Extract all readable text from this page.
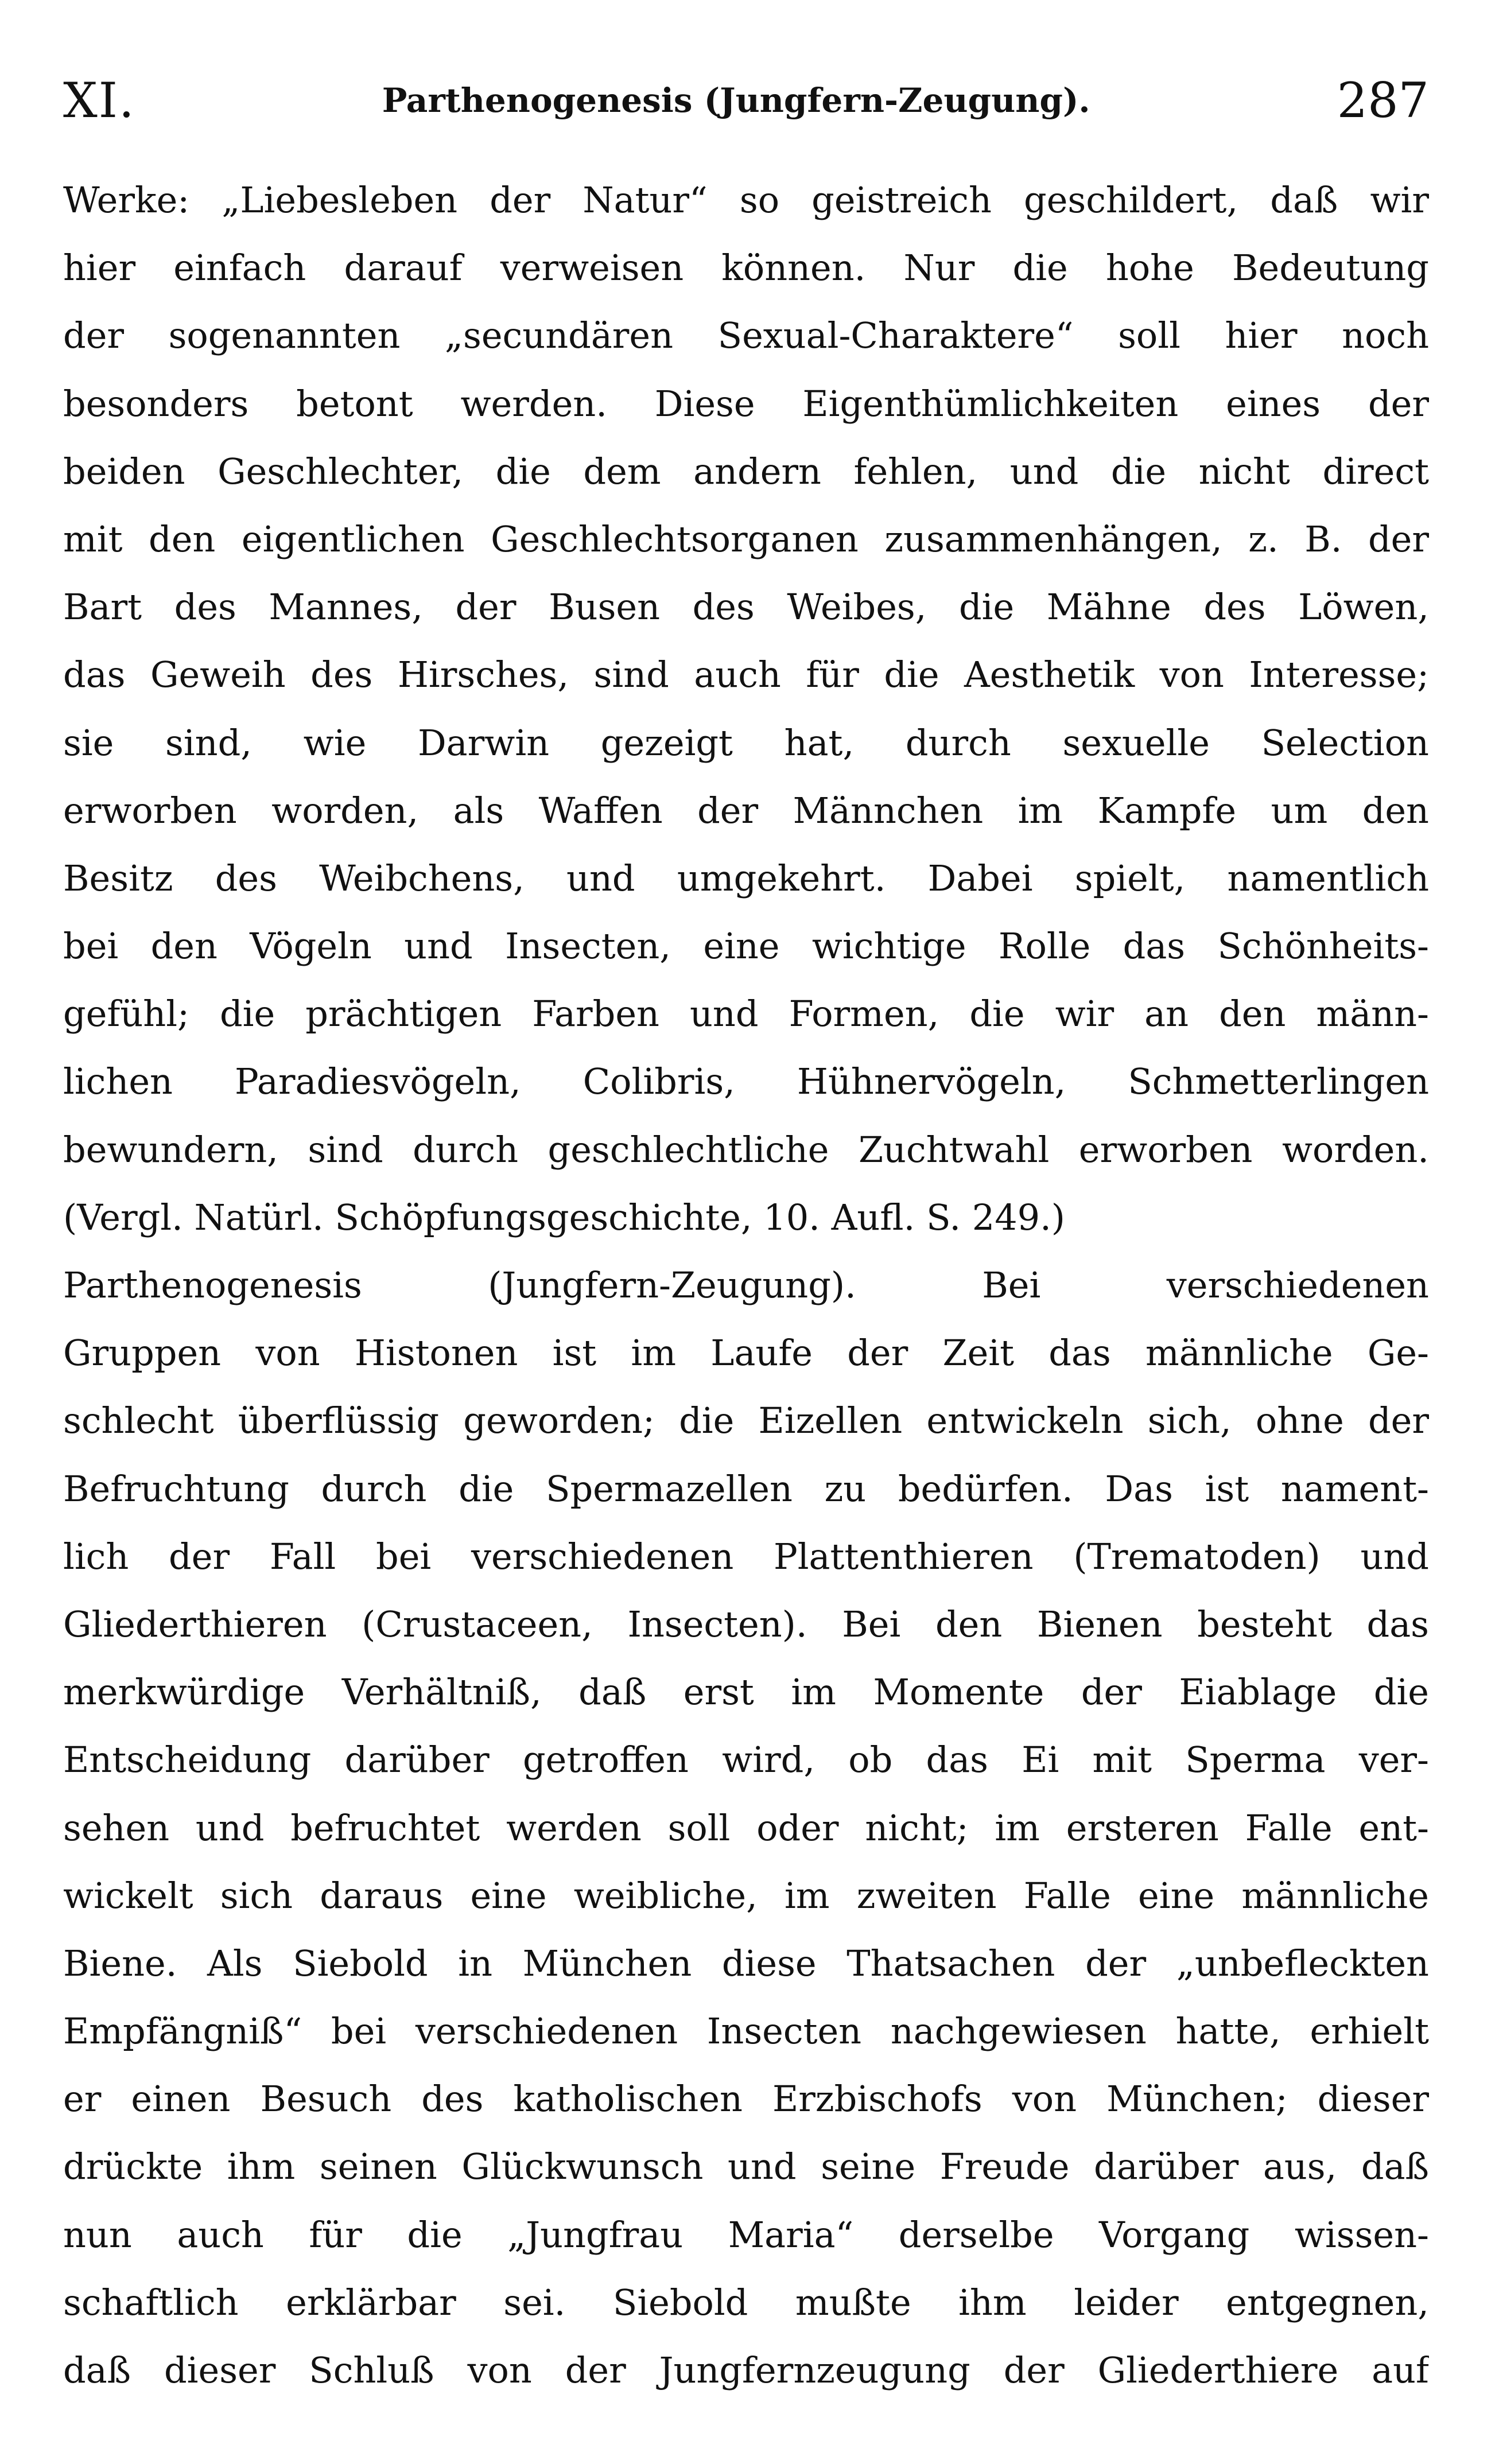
XI.	Parthenogenesis (Jungfern-Zeugung).	287
Werke: „Liebesleben der Natur“ so geistreich geschildert, daß wir
hier einfach darauf verweisen können. Nur die hohe Bedeutung
der sogenannten „secundären Sexual-Charaktere“ soll hier noch
besonders betont werden. Diese Eigenthümlichkeiten eines der
beiden Geschlechter, die dem andern fehlen, und die nicht direct
mit den eigentlichen Geschlechtsorganen zusammenhängen, z. B. der
Bart des Mannes, der Busen des Weibes, die Mähne des Löwen,
das Geweih des Hirsches, sind auch für die Aesthetik von Interesse;
sie sind, wie Darwin gezeigt hat, durch sexuelle Selection
erworben worden, als Waffen der Männchen im Kampfe um den
Besitz des Weibchens, und umgekehrt. Dabei spielt, namentlich
bei den Vögeln und Insecten, eine wichtige Rolle das Schönheits-
gefühl; die prächtigen Farben und Formen, die wir an den männ-
lichen Paradiesvögeln, Colibris, Hühnervögeln, Schmetterlingen
bewundern, sind durch geschlechtliche Zuchtwahl erworben worden.
(Vergl. Natürl. Schöpfungsgeschichte, 10. Aufl. S. 249.)
Parthenogenesis (Jungfern-Zeugung). Bei verschiedenen
Gruppen von Histonen ist im Laufe der Zeit das männliche Ge-
schlecht überflüssig geworden; die Eizellen entwickeln sich, ohne der
Befruchtung durch die Spermazellen zu bedürfen. Das ist nament-
lich der Fall bei verschiedenen Plattenthieren (Trematoden) und
Gliederthieren (Crustaceen, Insecten). Bei den Bienen besteht das
merkwürdige Verhältniß, daß erst im Momente der Eiablage die
Entscheidung darüber getroffen wird, ob das Ei mit Sperma ver-
sehen und befruchtet werden soll oder nicht; im ersteren Falle ent-
wickelt sich daraus eine weibliche, im zweiten Falle eine männliche
Biene. Als Siebold in München diese Thatsachen der „unbefleckten
Empfängniß“ bei verschiedenen Insecten nachgewiesen hatte, erhielt
er einen Besuch des katholischen Erzbischofs von München; dieser
drückte ihm seinen Glückwunsch und seine Freude darüber aus, daß
nun auch für die „Jungfrau Maria“ derselbe Vorgang wissen-
schaftlich erklärbar sei. Siebold mußte ihm leider entgegnen,
daß dieser Schluß von der Jungfernzeugung der Gliederthiere auf
